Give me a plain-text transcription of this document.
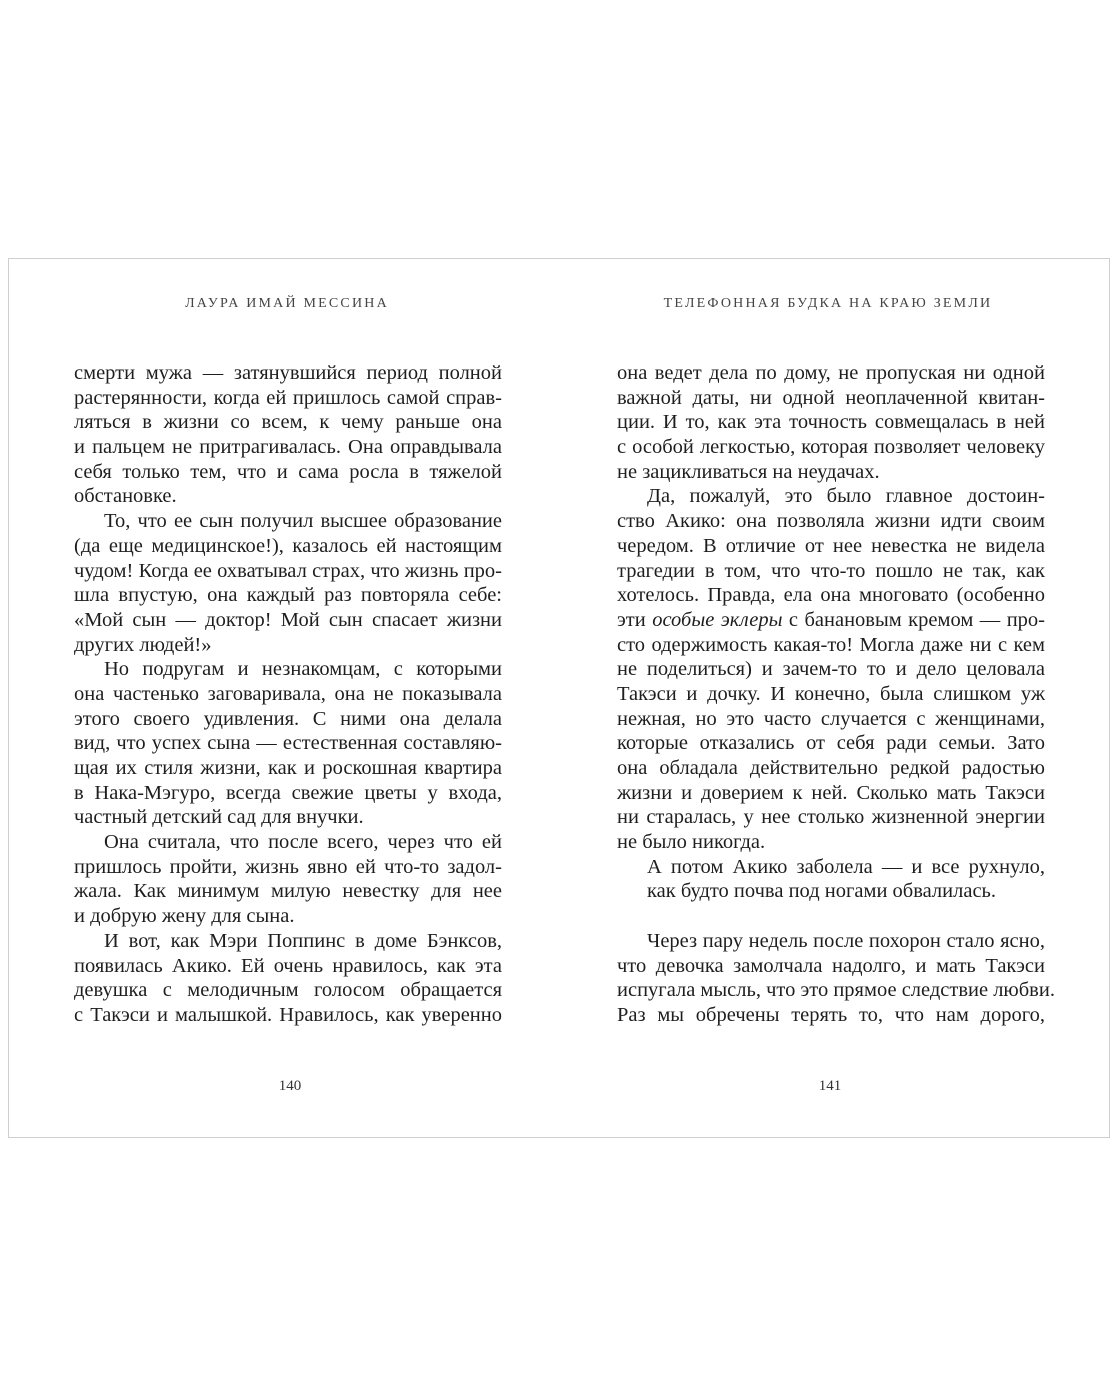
ЛАУРА ИМАЙ МЕССИНА	ТЕЛЕФОННАЯ БУДКА НА КРАЮ ЗЕМЛИ
смерти мужа — затянувшийся период полной
растерянности, когда ей пришлось самой справ-
ляться в жизни со всем, к чему раньше она
и пальцем не притрагивалась. Она оправдывала
себя только тем, что и сама росла в тяжелой
обстановке.
То, что ее сын получил высшее образование
(да еще медицинское!), казалось ей настоящим
чудом! Когда ее охватывал страх, что жизнь про-
шла впустую, она каждый раз повторяла себе:
«Мой сын — доктор! Мой сын спасает жизни
других людей!»
Но подругам и незнакомцам, с которыми
она частенько заговаривала, она не показывала
этого своего удивления. С ними она делала
вид, что успех сына — естественная составляю-
щая их стиля жизни, как и роскошная квартира
в Нака-Мэгуро, всегда свежие цветы у входа,
частный детский сад для внучки.
Она считала, что после всего, через что ей
пришлось пройти, жизнь явно ей что-то задол-
жала. Как минимум милую невестку для нее
и добрую жену для сына.
И вот, как Мэри Поппинс в доме Бэнксов,
появилась Акико. Ей очень нравилось, как эта
девушка с мелодичным голосом обращается
с Такэси и малышкой. Нравилось, как уверенно
она ведет дела по дому, не пропуская ни одной
важной даты, ни одной неоплаченной квитан-
ции. И то, как эта точность совмещалась в ней
с особой легкостью, которая позволяет человеку
не зацикливаться на неудачах.
Да, пожалуй, это было главное достоин-
ство Акико: она позволяла жизни идти своим
чередом. В отличие от нее невестка не видела
трагедии в том, что что-то пошло не так, как
хотелось. Правда, ела она многовато (особенно
эти особые эклеры с банановым кремом — про-
сто одержимость какая-то! Могла даже ни с кем
не поделиться) и зачем-то то и дело целовала
Такэси и дочку. И конечно, была слишком уж
нежная, но это часто случается с женщинами,
которые отказались от себя ради семьи. Зато
она обладала действительно редкой радостью
жизни и доверием к ней. Сколько мать Такэси
ни старалась, у нее столько жизненной энергии
не было никогда.
А потом Акико заболела — и все рухнуло,
как будто почва под ногами обвалилась.
Через пару недель после похорон стало ясно,
что девочка замолчала надолго, и мать Такэси
испугала мысль, что это прямое следствие любви.
Раз мы обречены терять то, что нам дорого,
140	141
